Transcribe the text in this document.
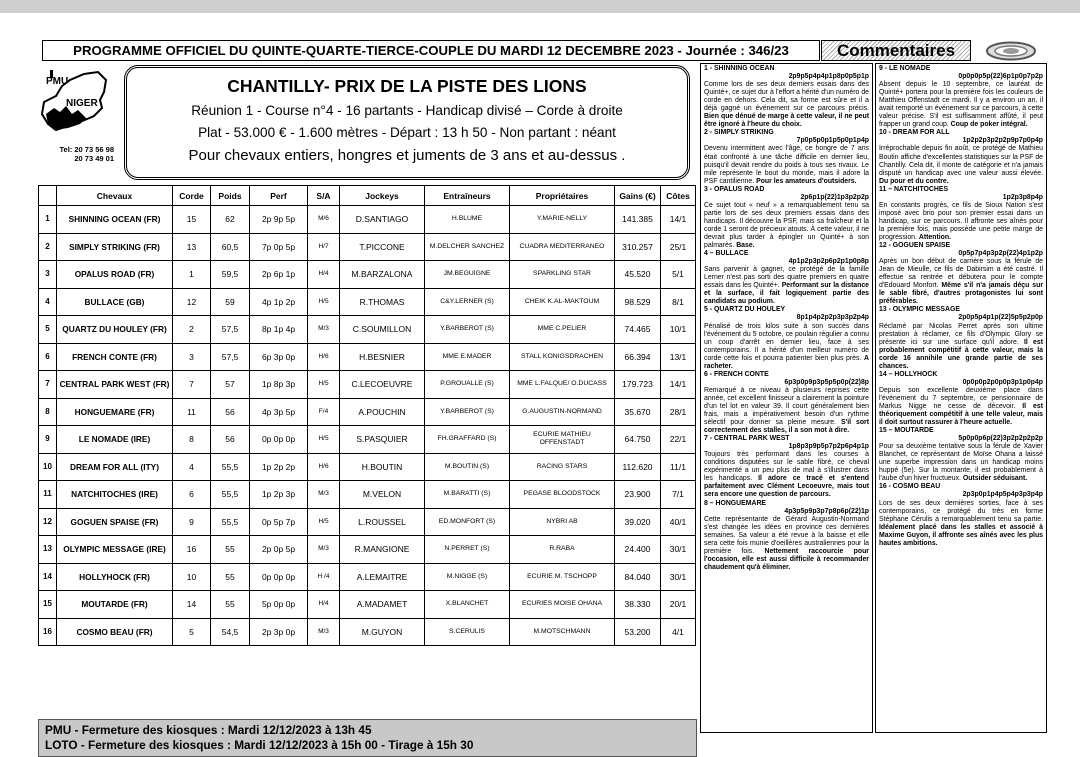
PROGRAMME OFFICIEL DU QUINTE-QUARTE-TIERCE-COUPLE DU MARDI 12 DECEMBRE 2023 - Journée : 346/23	Commentaires
PMU
NIGER
Tel: 20 73 56 98
20 73 49 01
CHANTILLY- PRIX DE LA PISTE DES LIONS
Réunion 1 - Course n°4 - 16 partants - Handicap divisé – Corde à droite
Plat - 53.000 € - 1.600 mètres - Départ : 13 h 50 - Non partant : néant
Pour chevaux entiers, hongres et juments de 3 ans et au-dessus .
	Chevaux	Corde	Poids	Perf	S/A	Jockeys	Entraîneurs	Propriétaires	Gains (€)	Côtes
1	SHINNING OCEAN (FR)	15	62	2p 9p 5p	M/6	D.SANTIAGO	H.BLUME	Y.MARIE-NELLY	141.385	14/1
2	SIMPLY STRIKING (FR)	13	60,5	7p 0p 5p	H/7	T.PICCONE	M.DELCHER SANCHEZ	CUADRA MEDITERRANEO	310.257	25/1
3	OPALUS ROAD (FR)	1	59,5	2p 6p 1p	H/4	M.BARZALONA	JM.BEGUIGNE	SPARKLING STAR	45.520	5/1
4	BULLACE (GB)	12	59	4p 1p 2p	H/5	R.THOMAS	C&Y.LERNER (S)	CHEIK K.AL-MAKTOUM	98.529	8/1
5	QUARTZ DU HOULEY (FR)	2	57,5	8p 1p 4p	M/3	C.SOUMILLON	Y.BARBEROT (S)	MME C.PELIER	74.465	10/1
6	FRENCH CONTE (FR)	3	57,5	6p 3p 0p	H/6	H.BESNIER	MME E.MADER	STALL KONIGSDRACHEN	66.394	13/1
7	CENTRAL PARK WEST (FR)	7	57	1p 8p 3p	H/5	C.LECOEUVRE	P.GROUALLE (S)	MME L.FALQUE/ O.DUCASS	179.723	14/1
8	HONGUEMARE (FR)	11	56	4p 3p 5p	F/4	A.POUCHIN	Y.BARBEROT (S)	G.AUGUSTIN-NORMAND	35.670	28/1
9	LE NOMADE (IRE)	8	56	0p 0p 0p	H/5	S.PASQUIER	FH.GRAFFARD (S)	ECURIE MATHIEU OFFENSTADT	64.750	22/1
10	DREAM FOR ALL (ITY)	4	55,5	1p 2p 2p	H/6	H.BOUTIN	M.BOUTIN (S)	RACING STARS	112.620	11/1
11	NATCHITOCHES (IRE)	6	55,5	1p 2p 3p	M/3	M.VELON	M.BARATTI (S)	PEGASE BLOODSTOCK	23.900	7/1
12	GOGUEN SPAISE (FR)	9	55,5	0p 5p 7p	H/5	L.ROUSSEL	ED.MONFORT (S)	NYBRI AB	39.020	40/1
13	OLYMPIC MESSAGE (IRE)	16	55	2p 0p 5p	M/3	R.MANGIONE	N.PERRET (S)	R.RABA	24.400	30/1
14	HOLLYHOCK (FR)	10	55	0p 0p 0p	H /4	A.LEMAITRE	M.NIGGE (S)	ECURIE M. TSCHOPP	84.040	30/1
15	MOUTARDE (FR)	14	55	5p 0p 0p	H/4	A.MADAMET	X.BLANCHET	ECURIES MOISE OHANA	38.330	20/1
16	COSMO BEAU (FR)	5	54,5	2p 3p 0p	M/3	M.GUYON	S.CERULIS	M.MOTSCHMANN	53.200	4/1
PMU - Fermeture des kiosques : Mardi 12/12/2023 à 13h 45
LOTO - Fermeture des kiosques : Mardi 12/12/2023 à 15h 00 - Tirage à 15h 30
1 - SHINNING OCEAN
2p9p5p4p4p1p8p0p5p1p
Comme lors de ses deux derniers essais dans des Quinté+, ce sujet dur à l'effort a hérité d'un numéro de corde en dehors. Cela dit, sa forme est sûre et il a déjà gagné un événement sur ce parcours précis. Bien que dénué de marge à cette valeur, il ne peut être ignoré à l'heure du choix.
2 - SIMPLY STRIKING
7p0p5p0p1p5p0p1p4p
Devenu intermittent avec l'âge, ce hongre de 7 ans était confronté à une tâche difficile en dernier lieu, puisqu'il devait rendre du poids à tous ses rivaux. Le mile représente le bout du monde, mais il adore la PSF cantilienne. Pour les amateurs d'outsiders.
3 - OPALUS ROAD
2p6p1p(22)1p3p2p2p
Ce sujet tout « neuf » a remarquablement tenu sa partie lors de ses deux premiers essais dans des handicaps. Il découvre la PSF, mais sa fraîcheur et la corde 1 seront de précieux atouts. À cette valeur, il ne devrait plus tarder à épingler un Quinté+ à son palmarès. Base.
4 – BULLACE
4p1p2p3p2p6p2p1p0p8p
Sans parvenir à gagner, ce protégé de la famille Lerner n'est pas sorti des quatre premiers en quatre essais dans les Quinté+. Performant sur la distance et la surface, il fait logiquement partie des candidats au podium.
5 - QUARTZ DU HOULEY
8p1p4p2p2p3p3p2p4p
Pénalisé de trois kilos suite à son succès dans l'événement du 5 octobre, ce poulain régulier a connu un coup d'arrêt en dernier lieu, face à ses contemporains. Il a hérité d'un meilleur numéro de corde cette fois et pourra patienter bien plus près. A racheter.
6 - FRENCH CONTE
6p3p0p9p3p5p5p0p(22)8p
Remarqué à ce niveau à plusieurs reprises cette année, cet excellent finisseur a clairement la pointure d'un tel lot en valeur 39. Il court généralement bien frais, mais a impérativement besoin d'un rythme sélectif pour donner sa pleine mesure. S'il sort correctement des stalles, il a son mot à dire.
7 - CENTRAL PARK WEST
1p8p3p9p5p7p2p6p4p1p
Toujours très performant dans les courses à conditions disputées sur le sable fibré, ce cheval expérimenté a un peu plus de mal à s'illustrer dans les handicaps. Il adore ce tracé et s'entend parfaitement avec Clément Lecoeuvre, mais tout sera encore une question de parcours.
8 – HONGUEMARE
4p3p5p9p3p7p8p6p(22)1p
Cette représentante de Gérard Augustin-Normand s'est changée les idées en province ces dernières semaines. Sa valeur a été revue à la baisse et elle sera cette fois munie d'oeillères australiennes pour la première fois. Nettement raccourcie pour l'occasion, elle est aussi difficile à recommander chaudement qu'à éliminer.
9 - LE NOMADE
0p0p0p5p(22)6p1p0p7p2p
Absent depuis le 10 septembre, ce lauréat de Quinté+ portera pour la première fois les couleurs de Matthieu Offenstadt ce mardi. Il y a environ un an, il avait remporté un événement sur ce parcours, à cette valeur précise. S'il est suffisamment affûté, il peut frapper un grand coup. Coup de poker intégral.
10 - DREAM FOR ALL
1p2p2p3p2p2p9p7p0p4p
Irréprochable depuis fin août, ce protégé de Mathieu Boutin affiche d'excellentes statistiques sur la PSF de Chantilly. Cela dit, il monte de catégorie et n'a jamais disputé un handicap avec une valeur aussi élevée. Du pour et du contre.
11 – NATCHITOCHES
1p2p3p8p4p
En constants progrès, ce fils de Sioux Nation s'est imposé avec brio pour son premier essai dans un handicap, sur ce parcours. Il affronte ses aînés pour la première fois, mais possède une petite marge de progression. Attention.
12 - GOGUEN SPAISE
0p5p7p4p3p2p(22)4p1p2p
Après un bon début de carrière sous la férule de Jean de Mieulle, ce fils de Dabirsim a été castré. Il effectue sa rentrée et débutera pour le compte d'Edouard Monfort. Même s'il n'a jamais déçu sur le sable fibré, d'autres protagonistes lui sont préférables.
13 - OLYMPIC MESSAGE
2p0p5p4p1p(22)5p5p2p0p
Réclamé par Nicolas Perret après son ultime prestation à réclamer, ce fils d'Olympic Glory se présente ici sur une surface qu'il adore. Il est probablement compétitif à cette valeur, mais la corde 16 annihile une grande partie de ses chances.
14 – HOLLYHOCK
0p0p0p2p0p0p3p1p0p4p
Depuis son excellente deuxième place dans l'événement du 7 septembre, ce pensionnaire de Markus Nigge ne cesse de décevoir. Il est théoriquement compétitif à une telle valeur, mais il doit surtout rassurer à l'heure actuelle.
15 – MOUTARDE
5p0p0p6p(22)3p2p2p2p2p
Pour sa deuxième tentative sous la férule de Xavier Blanchet, ce représentant de Moïse Ohana a laissé une superbe impression dans un handicap moins huppé (5e). Sur la montante, il est probablement à l'aube d'un hiver fructueux. Outsider séduisant.
16 - COSMO BEAU
2p3p0p1p4p5p4p3p3p4p
Lors de ses deux dernières sorties, face à ses contemporains, ce protégé du très en forme Stéphane Cérulis a remarquablement tenu sa partie. Idéalement placé dans les stalles et associé à Maxime Guyon, il affronte ses aînés avec les plus hautes ambitions.
